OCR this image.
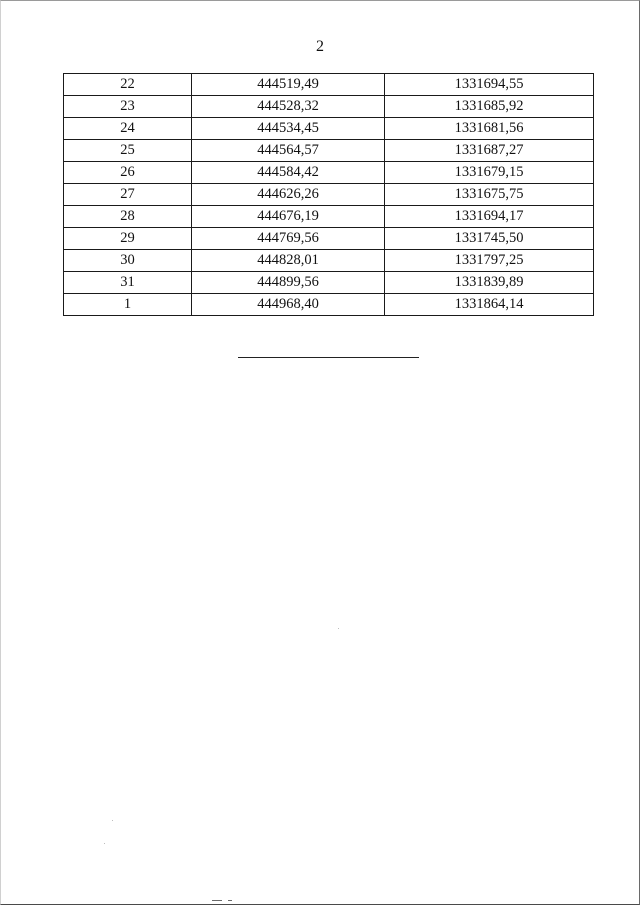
2
22	444519,49	1331694,55
23	444528,32	1331685,92
24	444534,45	1331681,56
25	444564,57	1331687,27
26	444584,42	1331679,15
27	444626,26	1331675,75
28	444676,19	1331694,17
29	444769,56	1331745,50
30	444828,01	1331797,25
31	444899,56	1331839,89
1	444968,40	1331864,14
